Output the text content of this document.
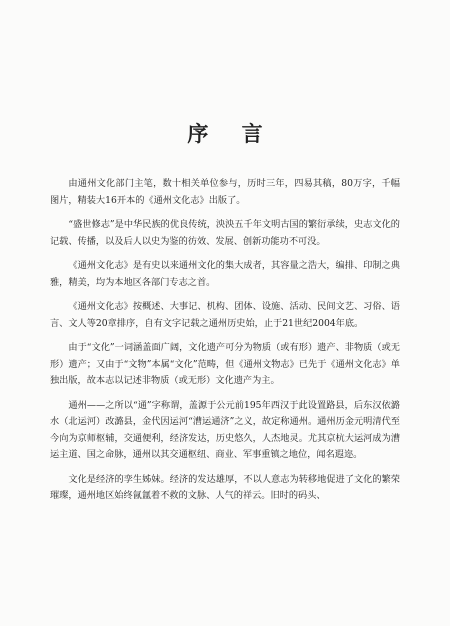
序 言

由通州文化部门主笔，数十相关单位参与，历时三年，四易其稿，80万字，千幅图片，精装大16开本的《通州文化志》出版了。

“盛世修志”是中华民族的优良传统，泱泱五千年文明古国的繁衍承续，史志文化的记载、传播，以及后人以史为鉴的彷效、发展、创新功能功不可没。

《通州文化志》是有史以来通州文化的集大成者，其容量之浩大，编排、印制之典雅，精美，均为本地区各部门专志之首。

《通州文化志》按概述、大事记、机构、团体、设施、活动、民间文艺、习俗、语言、文人等20章排序，自有文字记载之通州历史始，止于21世纪2004年底。

由于“文化”一词涵盖面广阔，文化遗产可分为物质（或有形）遗产、非物质（或无形）遗产；又由于“文物”本属“文化”范畴，但《通州文物志》已先于《通州文化志》单独出版，故本志以记述非物质（或无形）文化遗产为主。

通州——之所以“通”字称谓，盖源于公元前195年西汉于此设置路县，后东汉依潞水（北运河）改潞县，金代因运河“漕运通济”之义，故定称通州。通州历金元明清代至今向为京师枢辅，交通便利，经济发达，历史悠久，人杰地灵。尤其京杭大运河成为漕运主道、国之命脉，通州以其交通枢纽、商业、军事重镇之地位，闻名遐迩。

文化是经济的孪生姊妹。经济的发达雄厚，不以人意志为转移地促进了文化的繁荣璀璨，通州地区始终氤氲着不救的文脉、人气的祥云。旧时的码头、
